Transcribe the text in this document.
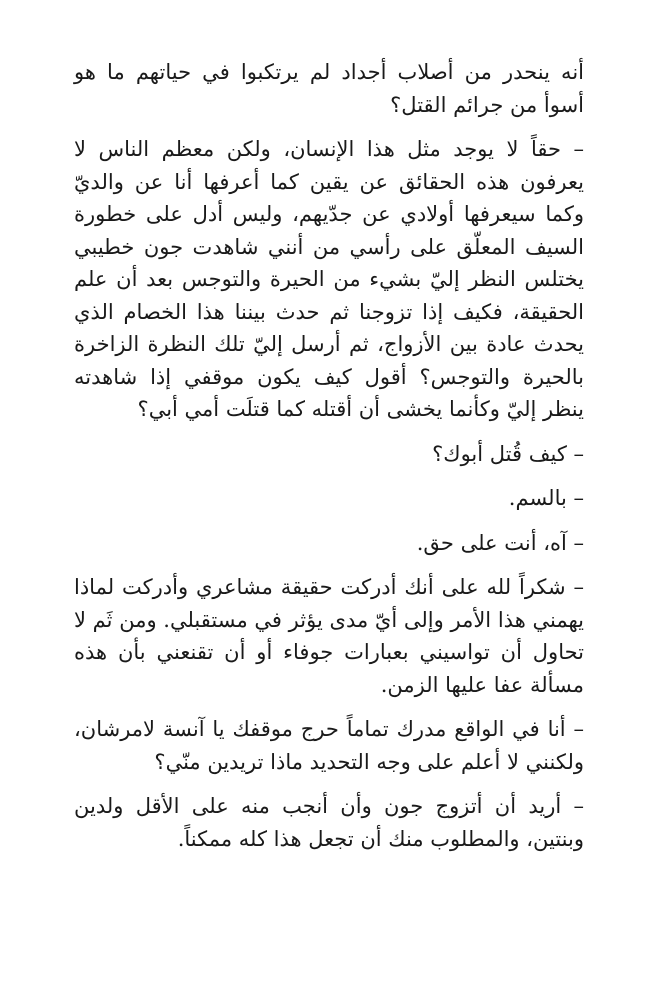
أنه ينحدر من أصلاب أجداد لم يرتكبوا في حياتهم ما هو أسوأ من جرائم القتل؟

– حقاً لا يوجد مثل هذا الإنسان، ولكن معظم الناس لا يعرفون هذه الحقائق عن يقين كما أعرفها أنا عن والديّ وكما سيعرفها أولادي عن جدّيهم، وليس أدل على خطورة السيف المعلّق على رأسي من أنني شاهدت جون خطيبي يختلس النظر إليّ بشيء من الحيرة والتوجس بعد أن علم الحقيقة، فكيف إذا تزوجنا ثم حدث بيننا هذا الخصام الذي يحدث عادة بين الأزواج، ثم أرسل إليّ تلك النظرة الزاخرة بالحيرة والتوجس؟ أقول كيف يكون موقفي إذا شاهدته ينظر إليّ وكأنما يخشى أن أقتله كما قتلَت أمي أبي؟

– كيف قُتل أبوك؟

– بالسم.

– آه، أنت على حق.

– شكراً لله على أنك أدركت حقيقة مشاعري وأدركت لماذا يهمني هذا الأمر وإلى أيّ مدى يؤثر في مستقبلي. ومن ثَم لا تحاول أن تواسيني بعبارات جوفاء أو أن تقنعني بأن هذه مسألة عفا عليها الزمن.

– أنا في الواقع مدرك تماماً حرج موقفك يا آنسة لامرشان، ولكنني لا أعلم على وجه التحديد ماذا تريدين منّي؟

– أريد أن أتزوج جون وأن أنجب منه على الأقل ولدين وبنتين، والمطلوب منك أن تجعل هذا كله ممكناً.
